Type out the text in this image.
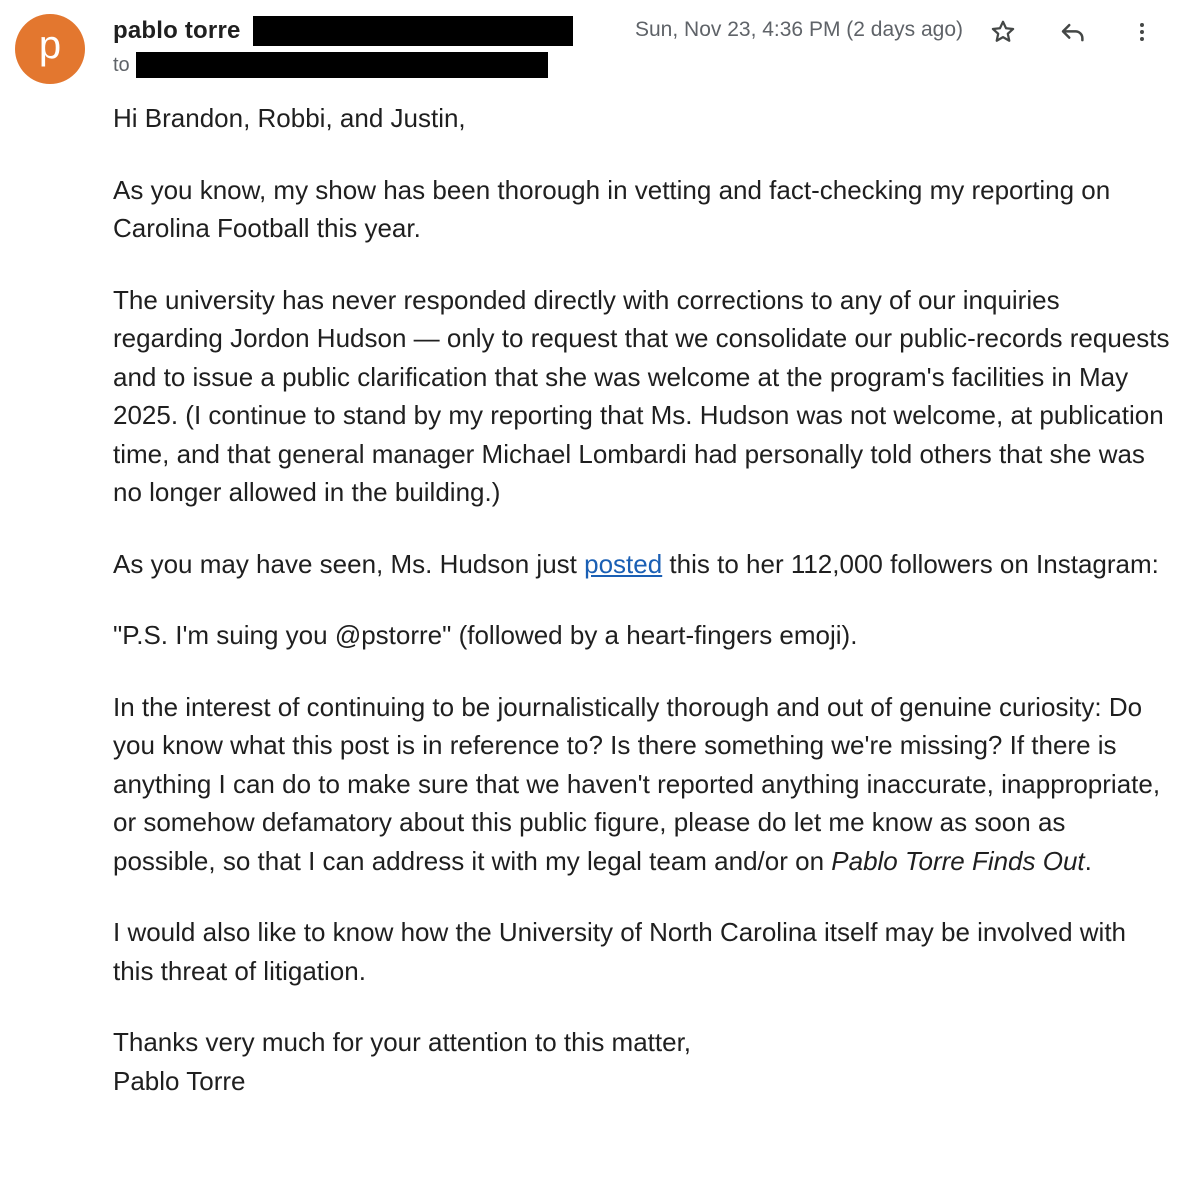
p pablo torre
to
Sun, Nov 23, 4:36 PM (2 days ago)

Hi Brandon, Robbi, and Justin,

As you know, my show has been thorough in vetting and fact-checking my reporting on Carolina Football this year.

The university has never responded directly with corrections to any of our inquiries regarding Jordon Hudson — only to request that we consolidate our public-records requests and to issue a public clarification that she was welcome at the program's facilities in May 2025. (I continue to stand by my reporting that Ms. Hudson was not welcome, at publication time, and that general manager Michael Lombardi had personally told others that she was no longer allowed in the building.)

As you may have seen, Ms. Hudson just posted this to her 112,000 followers on Instagram:

"P.S. I'm suing you @pstorre" (followed by a heart-fingers emoji).

In the interest of continuing to be journalistically thorough and out of genuine curiosity: Do you know what this post is in reference to? Is there something we're missing? If there is anything I can do to make sure that we haven't reported anything inaccurate, inappropriate, or somehow defamatory about this public figure, please do let me know as soon as possible, so that I can address it with my legal team and/or on Pablo Torre Finds Out.

I would also like to know how the University of North Carolina itself may be involved with this threat of litigation.

Thanks very much for your attention to this matter,

Pablo Torre
